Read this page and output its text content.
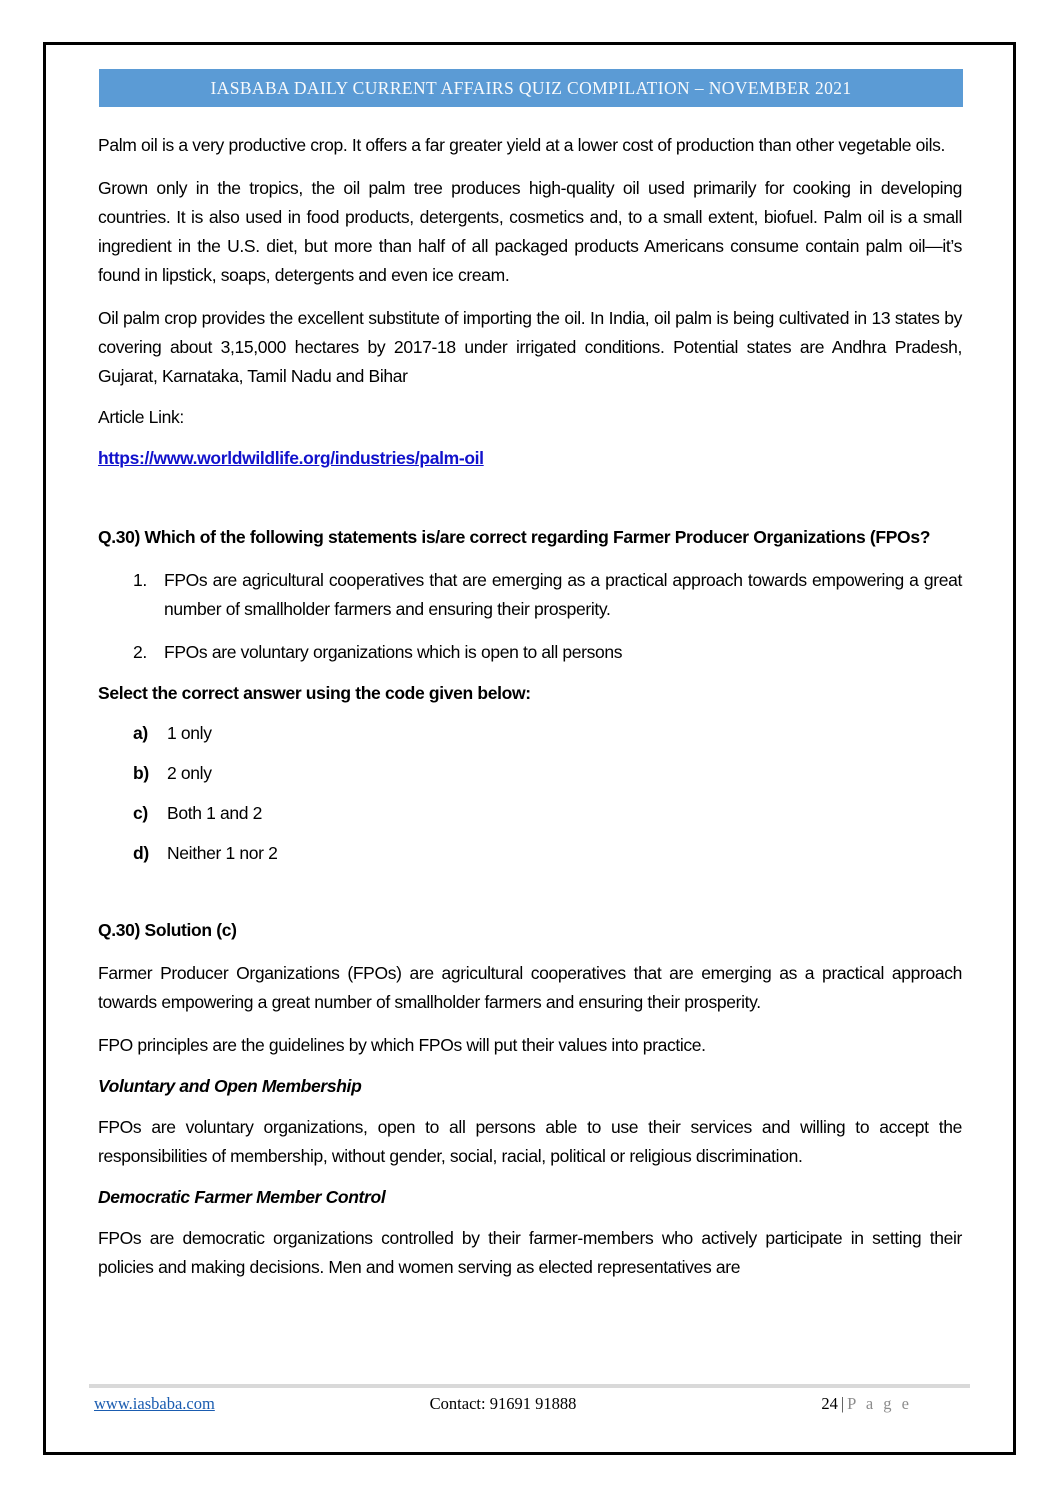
IASBABA DAILY CURRENT AFFAIRS QUIZ COMPILATION – NOVEMBER 2021

Palm oil is a very productive crop. It offers a far greater yield at a lower cost of production than other vegetable oils.

Grown only in the tropics, the oil palm tree produces high-quality oil used primarily for cooking in developing countries. It is also used in food products, detergents, cosmetics and, to a small extent, biofuel. Palm oil is a small ingredient in the U.S. diet, but more than half of all packaged products Americans consume contain palm oil—it’s found in lipstick, soaps, detergents and even ice cream.

Oil palm crop provides the excellent substitute of importing the oil. In India, oil palm is being cultivated in 13 states by covering about 3,15,000 hectares by 2017-18 under irrigated conditions. Potential states are Andhra Pradesh, Gujarat, Karnataka, Tamil Nadu and Bihar

Article Link:

https://www.worldwildlife.org/industries/palm-oil

Q.30) Which of the following statements is/are correct regarding Farmer Producer Organizations (FPOs?

1. FPOs are agricultural cooperatives that are emerging as a practical approach towards empowering a great number of smallholder farmers and ensuring their prosperity.
2. FPOs are voluntary organizations which is open to all persons

Select the correct answer using the code given below:

a)	1 only
b)	2 only
c)	Both 1 and 2
d)	Neither 1 nor 2

Q.30) Solution (c)

Farmer Producer Organizations (FPOs) are agricultural cooperatives that are emerging as a practical approach towards empowering a great number of smallholder farmers and ensuring their prosperity.

FPO principles are the guidelines by which FPOs will put their values into practice.

Voluntary and Open Membership

FPOs are voluntary organizations, open to all persons able to use their services and willing to accept the responsibilities of membership, without gender, social, racial, political or religious discrimination.

Democratic Farmer Member Control

FPOs are democratic organizations controlled by their farmer-members who actively participate in setting their policies and making decisions. Men and women serving as elected representatives are

www.iasbaba.com	Contact: 91691 91888	24 | P a g e
